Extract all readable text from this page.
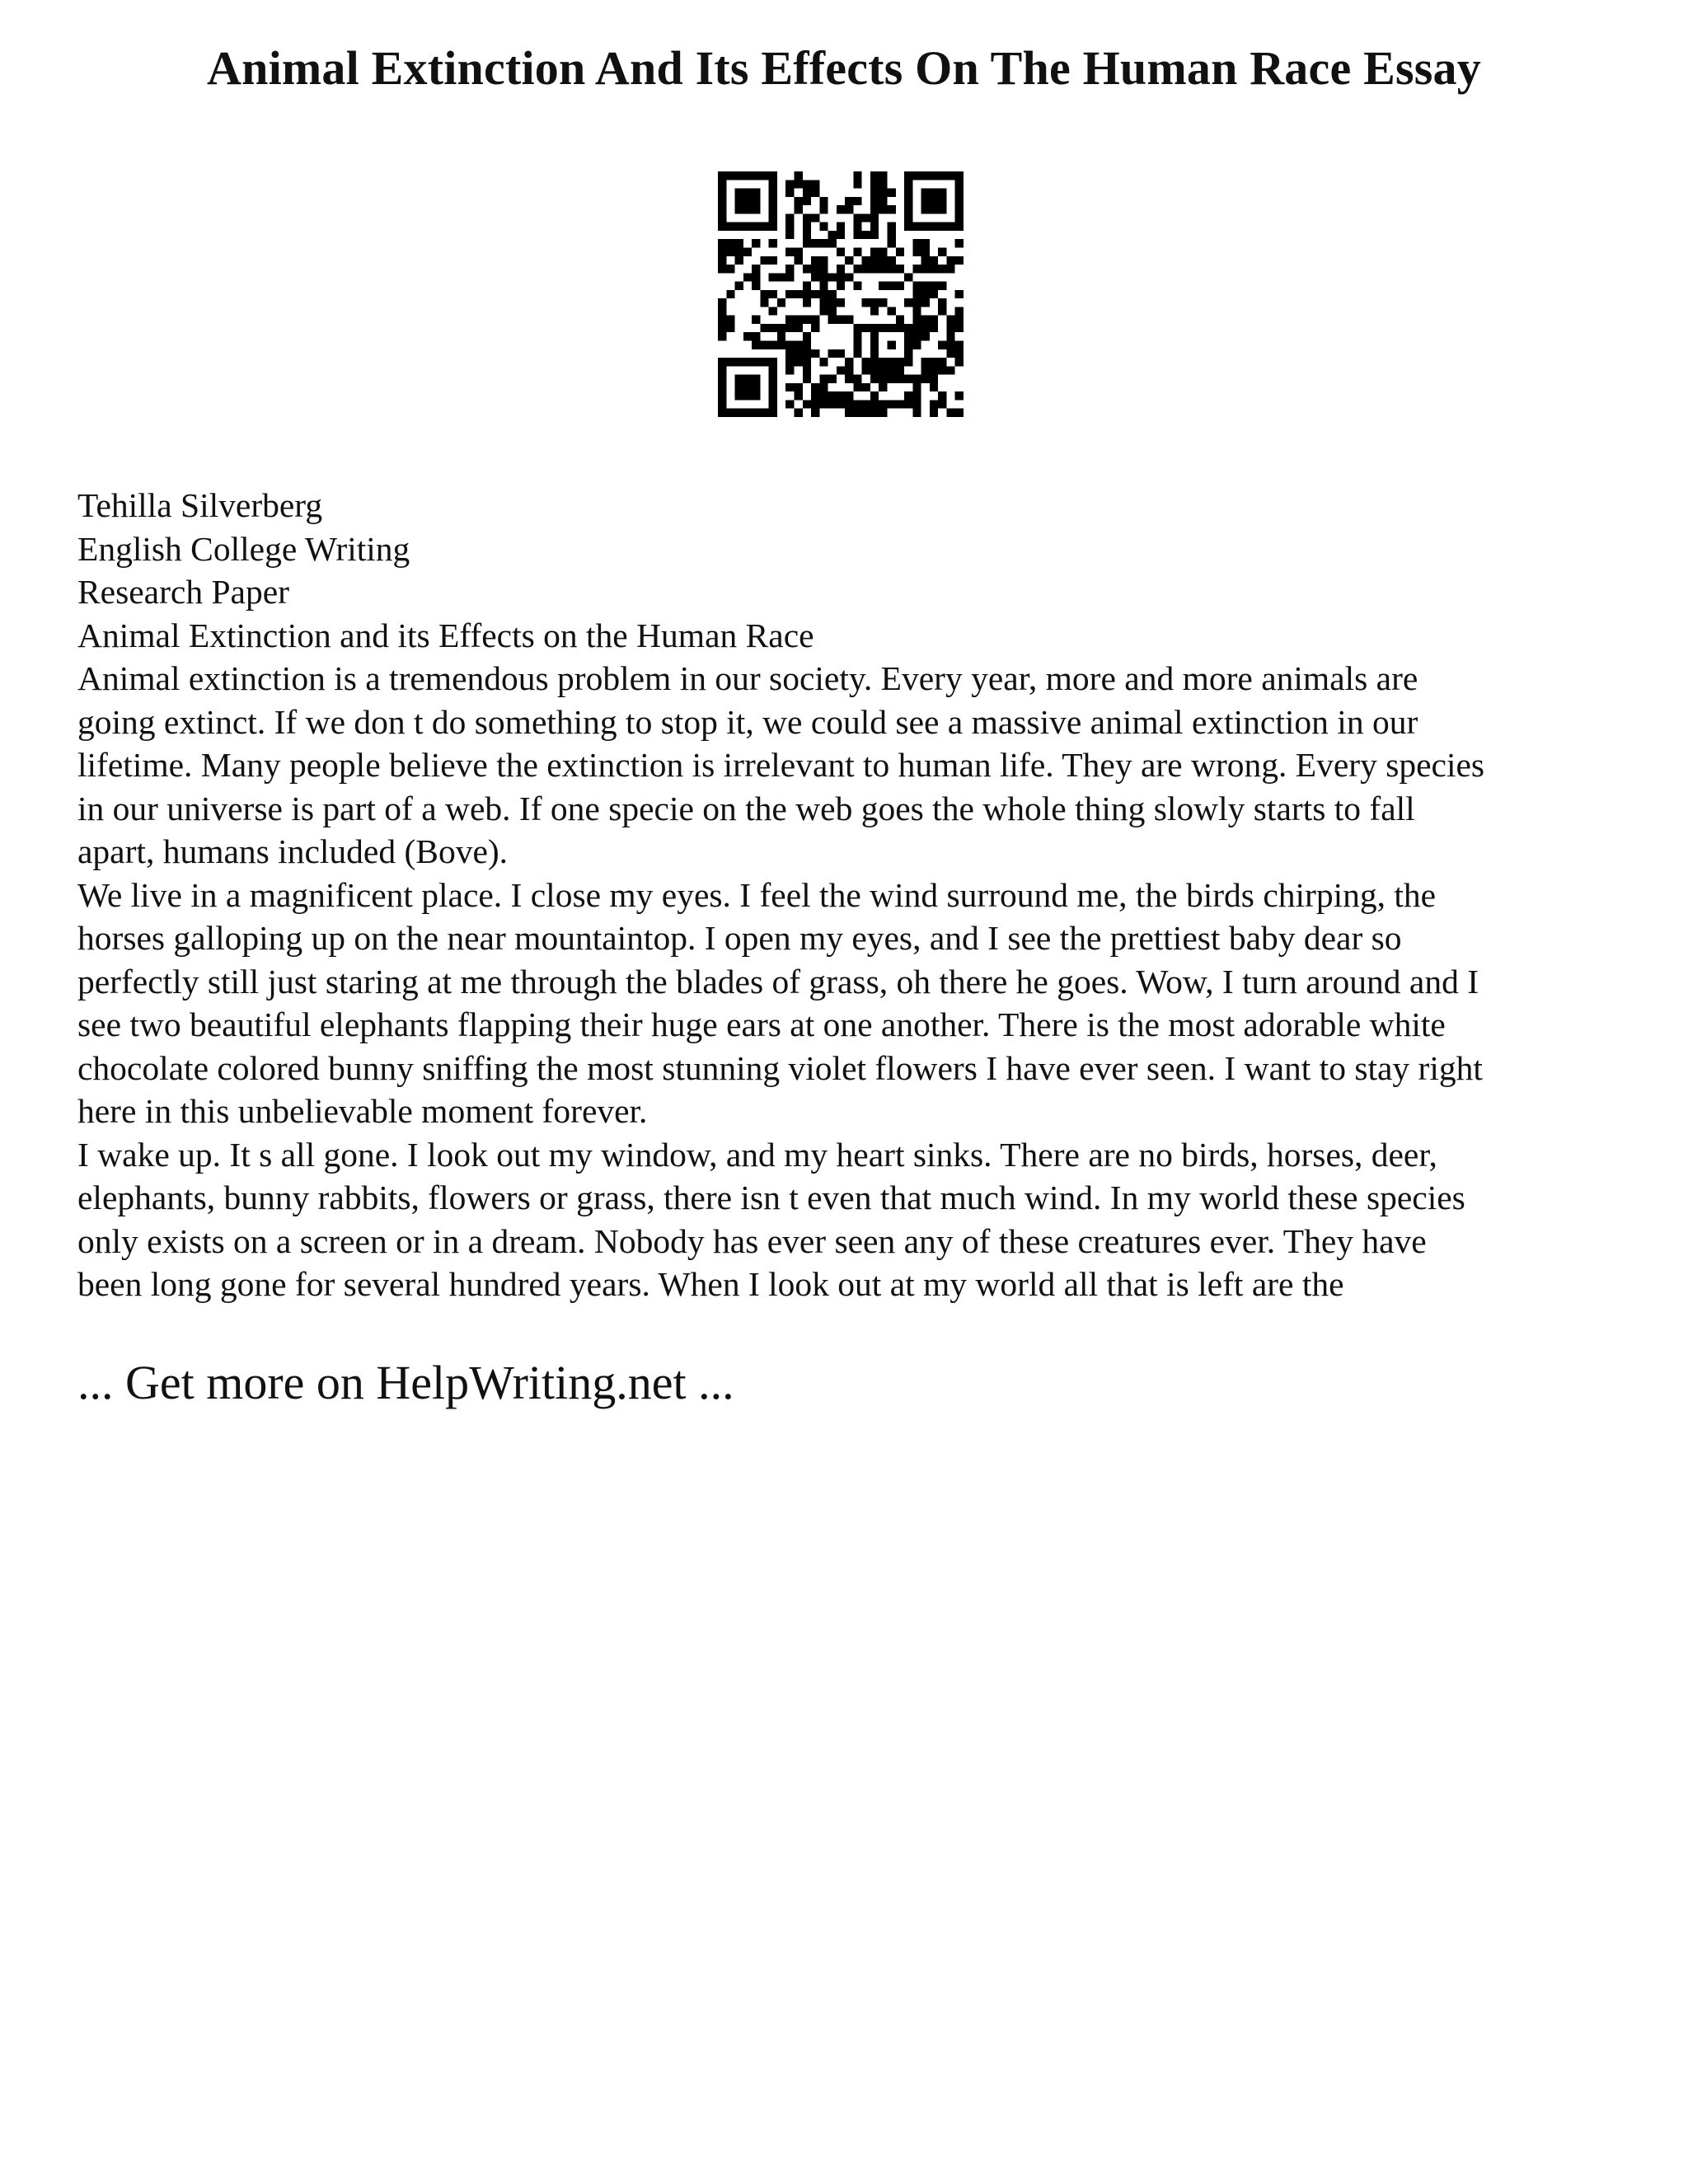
Animal Extinction And Its Effects On The Human Race Essay
Tehilla Silverberg
English College Writing
Research Paper
Animal Extinction and its Effects on the Human Race
Animal extinction is a tremendous problem in our society. Every year, more and more animals are
going extinct. If we don t do something to stop it, we could see a massive animal extinction in our
lifetime. Many people believe the extinction is irrelevant to human life. They are wrong. Every species
in our universe is part of a web. If one specie on the web goes the whole thing slowly starts to fall
apart, humans included (Bove).
We live in a magnificent place. I close my eyes. I feel the wind surround me, the birds chirping, the
horses galloping up on the near mountaintop. I open my eyes, and I see the prettiest baby dear so
perfectly still just staring at me through the blades of grass, oh there he goes. Wow, I turn around and I
see two beautiful elephants flapping their huge ears at one another. There is the most adorable white
chocolate colored bunny sniffing the most stunning violet flowers I have ever seen. I want to stay right
here in this unbelievable moment forever.
I wake up. It s all gone. I look out my window, and my heart sinks. There are no birds, horses, deer,
elephants, bunny rabbits, flowers or grass, there isn t even that much wind. In my world these species
only exists on a screen or in a dream. Nobody has ever seen any of these creatures ever. They have
been long gone for several hundred years. When I look out at my world all that is left are the
... Get more on HelpWriting.net ...
